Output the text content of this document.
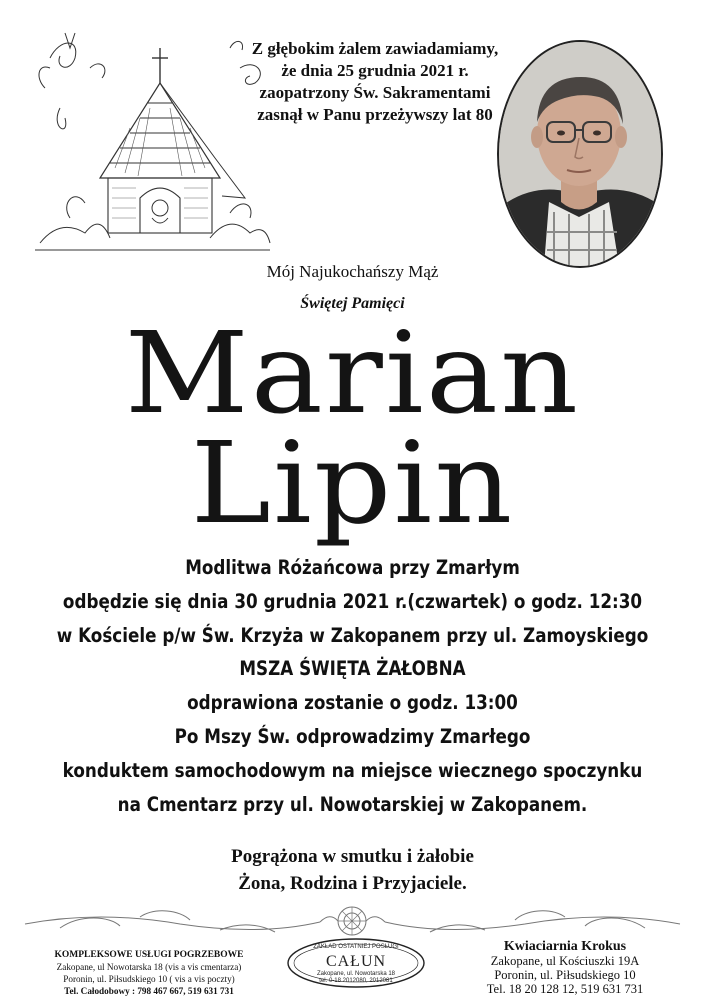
Z głębokim żalem zawiadamiamy,
że dnia 25 grudnia 2021 r.
zaopatrzony Św. Sakramentami
zasnął w Panu przeżywszy lat 80
Mój Najukochańszy Mąż
Świętej Pamięci
Marian
Lipin
Modlitwa Różańcowa przy Zmarłym
odbędzie się dnia 30 grudnia 2021 r.(czwartek) o godz. 12:30
w Kościele p/w Św. Krzyża w Zakopanem przy ul. Zamoyskiego
MSZA ŚWIĘTA ŻAŁOBNA
odprawiona zostanie o godz. 13:00
Po Mszy Św. odprowadzimy Zmarłego
konduktem samochodowym na miejsce wiecznego spoczynku
na Cmentarz przy ul. Nowotarskiej w Zakopanem.
Pogrążona w smutku i żałobie
Żona, Rodzina i Przyjaciele.
KOMPLEKSOWE USŁUGI POGRZEBOWE
Zakopane, ul Nowotarska 18 (vis a vis cmentarza)
Poronin, ul. Piłsudskiego 10 ( vis a vis poczty)
Tel. Całodobowy : 798 467 667, 519 631 731
ZAKŁAD OSTATNIEJ POSŁUGI
CAŁUN
Zakopane, ul. Nowotarska 18
tel. 0-18 2012080, 2012081
Kwiaciarnia Krokus
Zakopane, ul Kościuszki 19A
Poronin, ul. Piłsudskiego 10
Tel. 18 20 128 12, 519 631 731
